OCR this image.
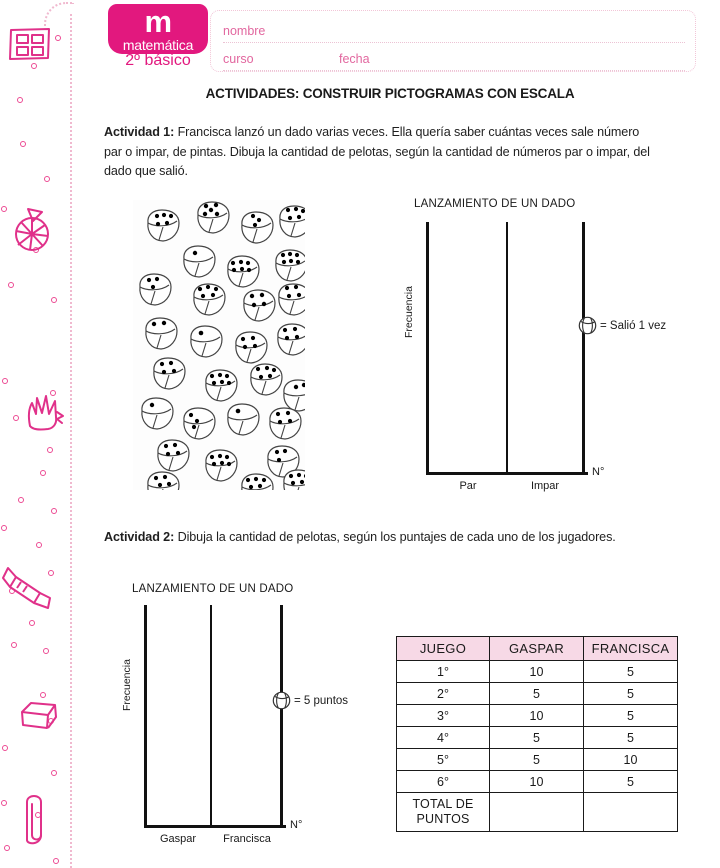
m
matemática
2º básico
nombre
curso	fecha
ACTIVIDADES: CONSTRUIR PICTOGRAMAS CON ESCALA
Actividad 1: Francisca lanzó un dado varias veces. Ella quería saber cuántas veces sale número par o impar, de pintas. Dibuja la cantidad de pelotas, según la cantidad de números par o impar, del dado que salió.
LANZAMIENTO DE UN DADO
Frecuencia
N°
Par	Impar
= Salió 1 vez
Actividad 2: Dibuja la cantidad de pelotas, según los puntajes de cada uno de los jugadores.
LANZAMIENTO DE UN DADO
Frecuencia
N°
Gaspar	Francisca
= 5 puntos
JUEGO	GASPAR	FRANCISCA
1°	10	5
2°	5	5
3°	10	5
4°	5	5
5°	5	10
6°	10	5
TOTAL DE PUNTOS		
